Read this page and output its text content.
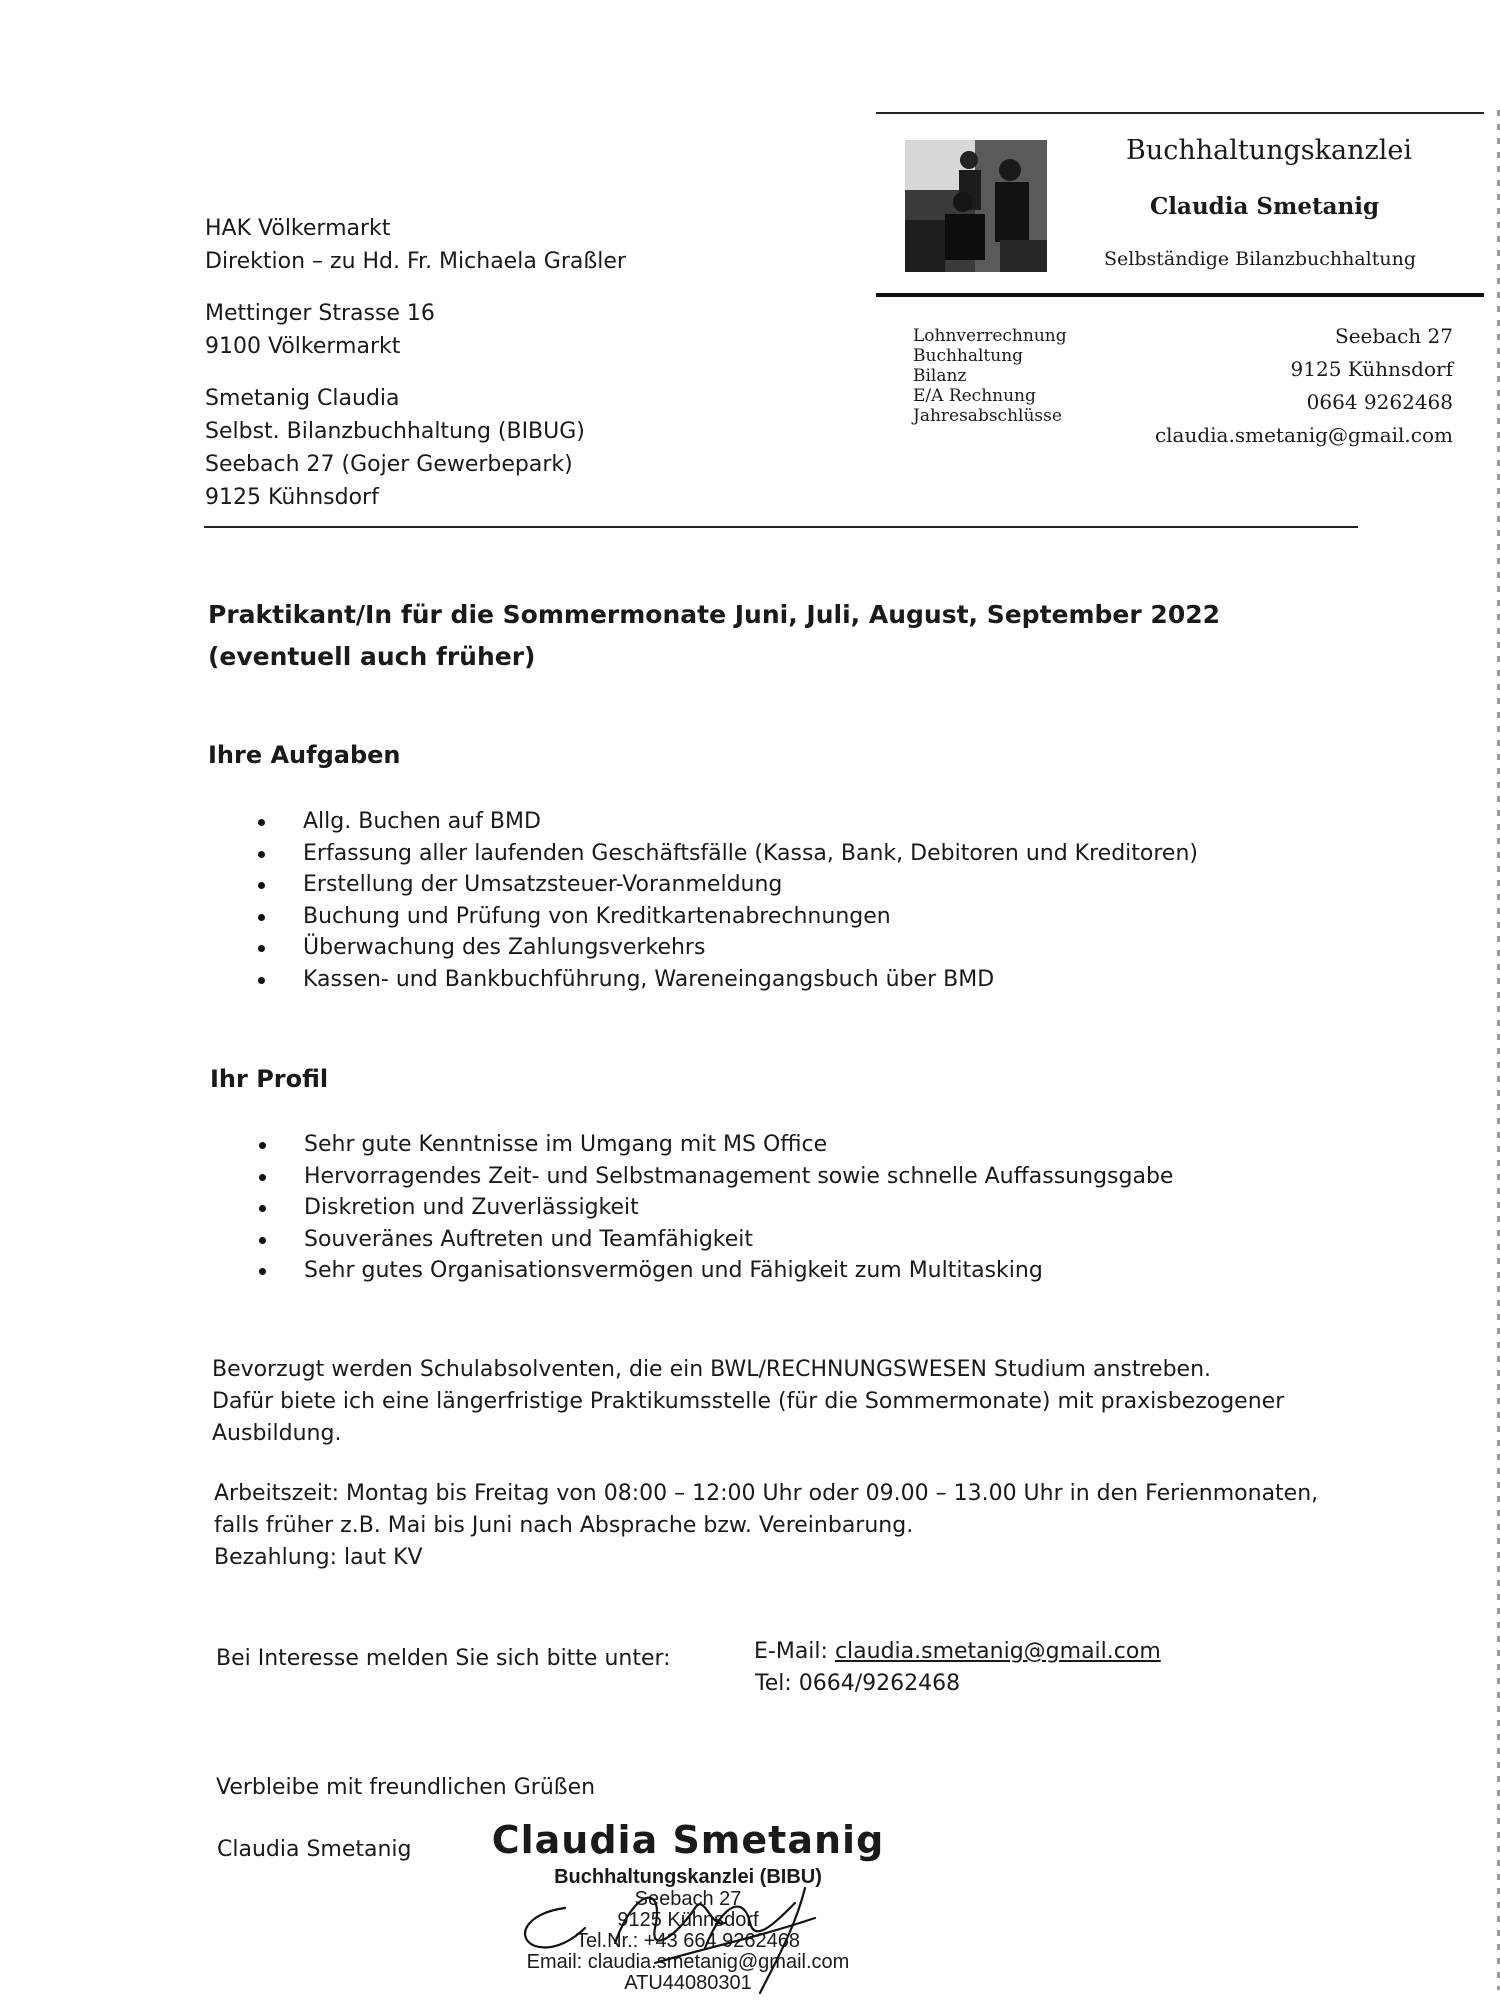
HAK Völkermarkt
Direktion – zu Hd. Fr. Michaela Graßler
Mettinger Strasse 16
9100 Völkermarkt
Smetanig Claudia
Selbst. Bilanzbuchhaltung (BIBUG)
Seebach 27 (Gojer Gewerbepark)
9125 Kühnsdorf
Buchhaltungskanzlei
Claudia Smetanig
Selbständige Bilanzbuchhaltung
Lohnverrechnung
Buchhaltung
Bilanz
E/A Rechnung
Jahresabschlüsse
Seebach 27
9125 Kühnsdorf
0664 9262468
claudia.smetanig@gmail.com
Praktikant/In für die Sommermonate Juni, Juli, August, September 2022 (eventuell auch früher)
Ihre Aufgaben
Allg. Buchen auf BMD
Erfassung aller laufenden Geschäftsfälle (Kassa, Bank, Debitoren und Kreditoren)
Erstellung der Umsatzsteuer-Voranmeldung
Buchung und Prüfung von Kreditkartenabrechnungen
Überwachung des Zahlungsverkehrs
Kassen- und Bankbuchführung, Wareneingangsbuch über BMD
Ihr Profil
Sehr gute Kenntnisse im Umgang mit MS Office
Hervorragendes Zeit- und Selbstmanagement sowie schnelle Auffassungsgabe
Diskretion und Zuverlässigkeit
Souveränes Auftreten und Teamfähigkeit
Sehr gutes Organisationsvermögen und Fähigkeit zum Multitasking
Bevorzugt werden Schulabsolventen, die ein BWL/RECHNUNGSWESEN Studium anstreben.
Dafür biete ich eine längerfristige Praktikumsstelle (für die Sommermonate) mit praxisbezogener
Ausbildung.
Arbeitszeit: Montag bis Freitag von 08:00 – 12:00 Uhr oder 09.00 – 13.00 Uhr in den Ferienmonaten,
falls früher z.B. Mai bis Juni nach Absprache bzw. Vereinbarung.
Bezahlung: laut KV
Bei Interesse melden Sie sich bitte unter:	E-Mail: claudia.smetanig@gmail.com
Tel: 0664/9262468
Verbleibe mit freundlichen Grüßen
Claudia Smetanig Claudia Smetanig
Buchhaltungskanzlei (BIBU)
Seebach 27
9125 Kühnsdorf
Tel.Nr.: +43 664 9262468
Email: claudia.smetanig@gmail.com
ATU44080301
